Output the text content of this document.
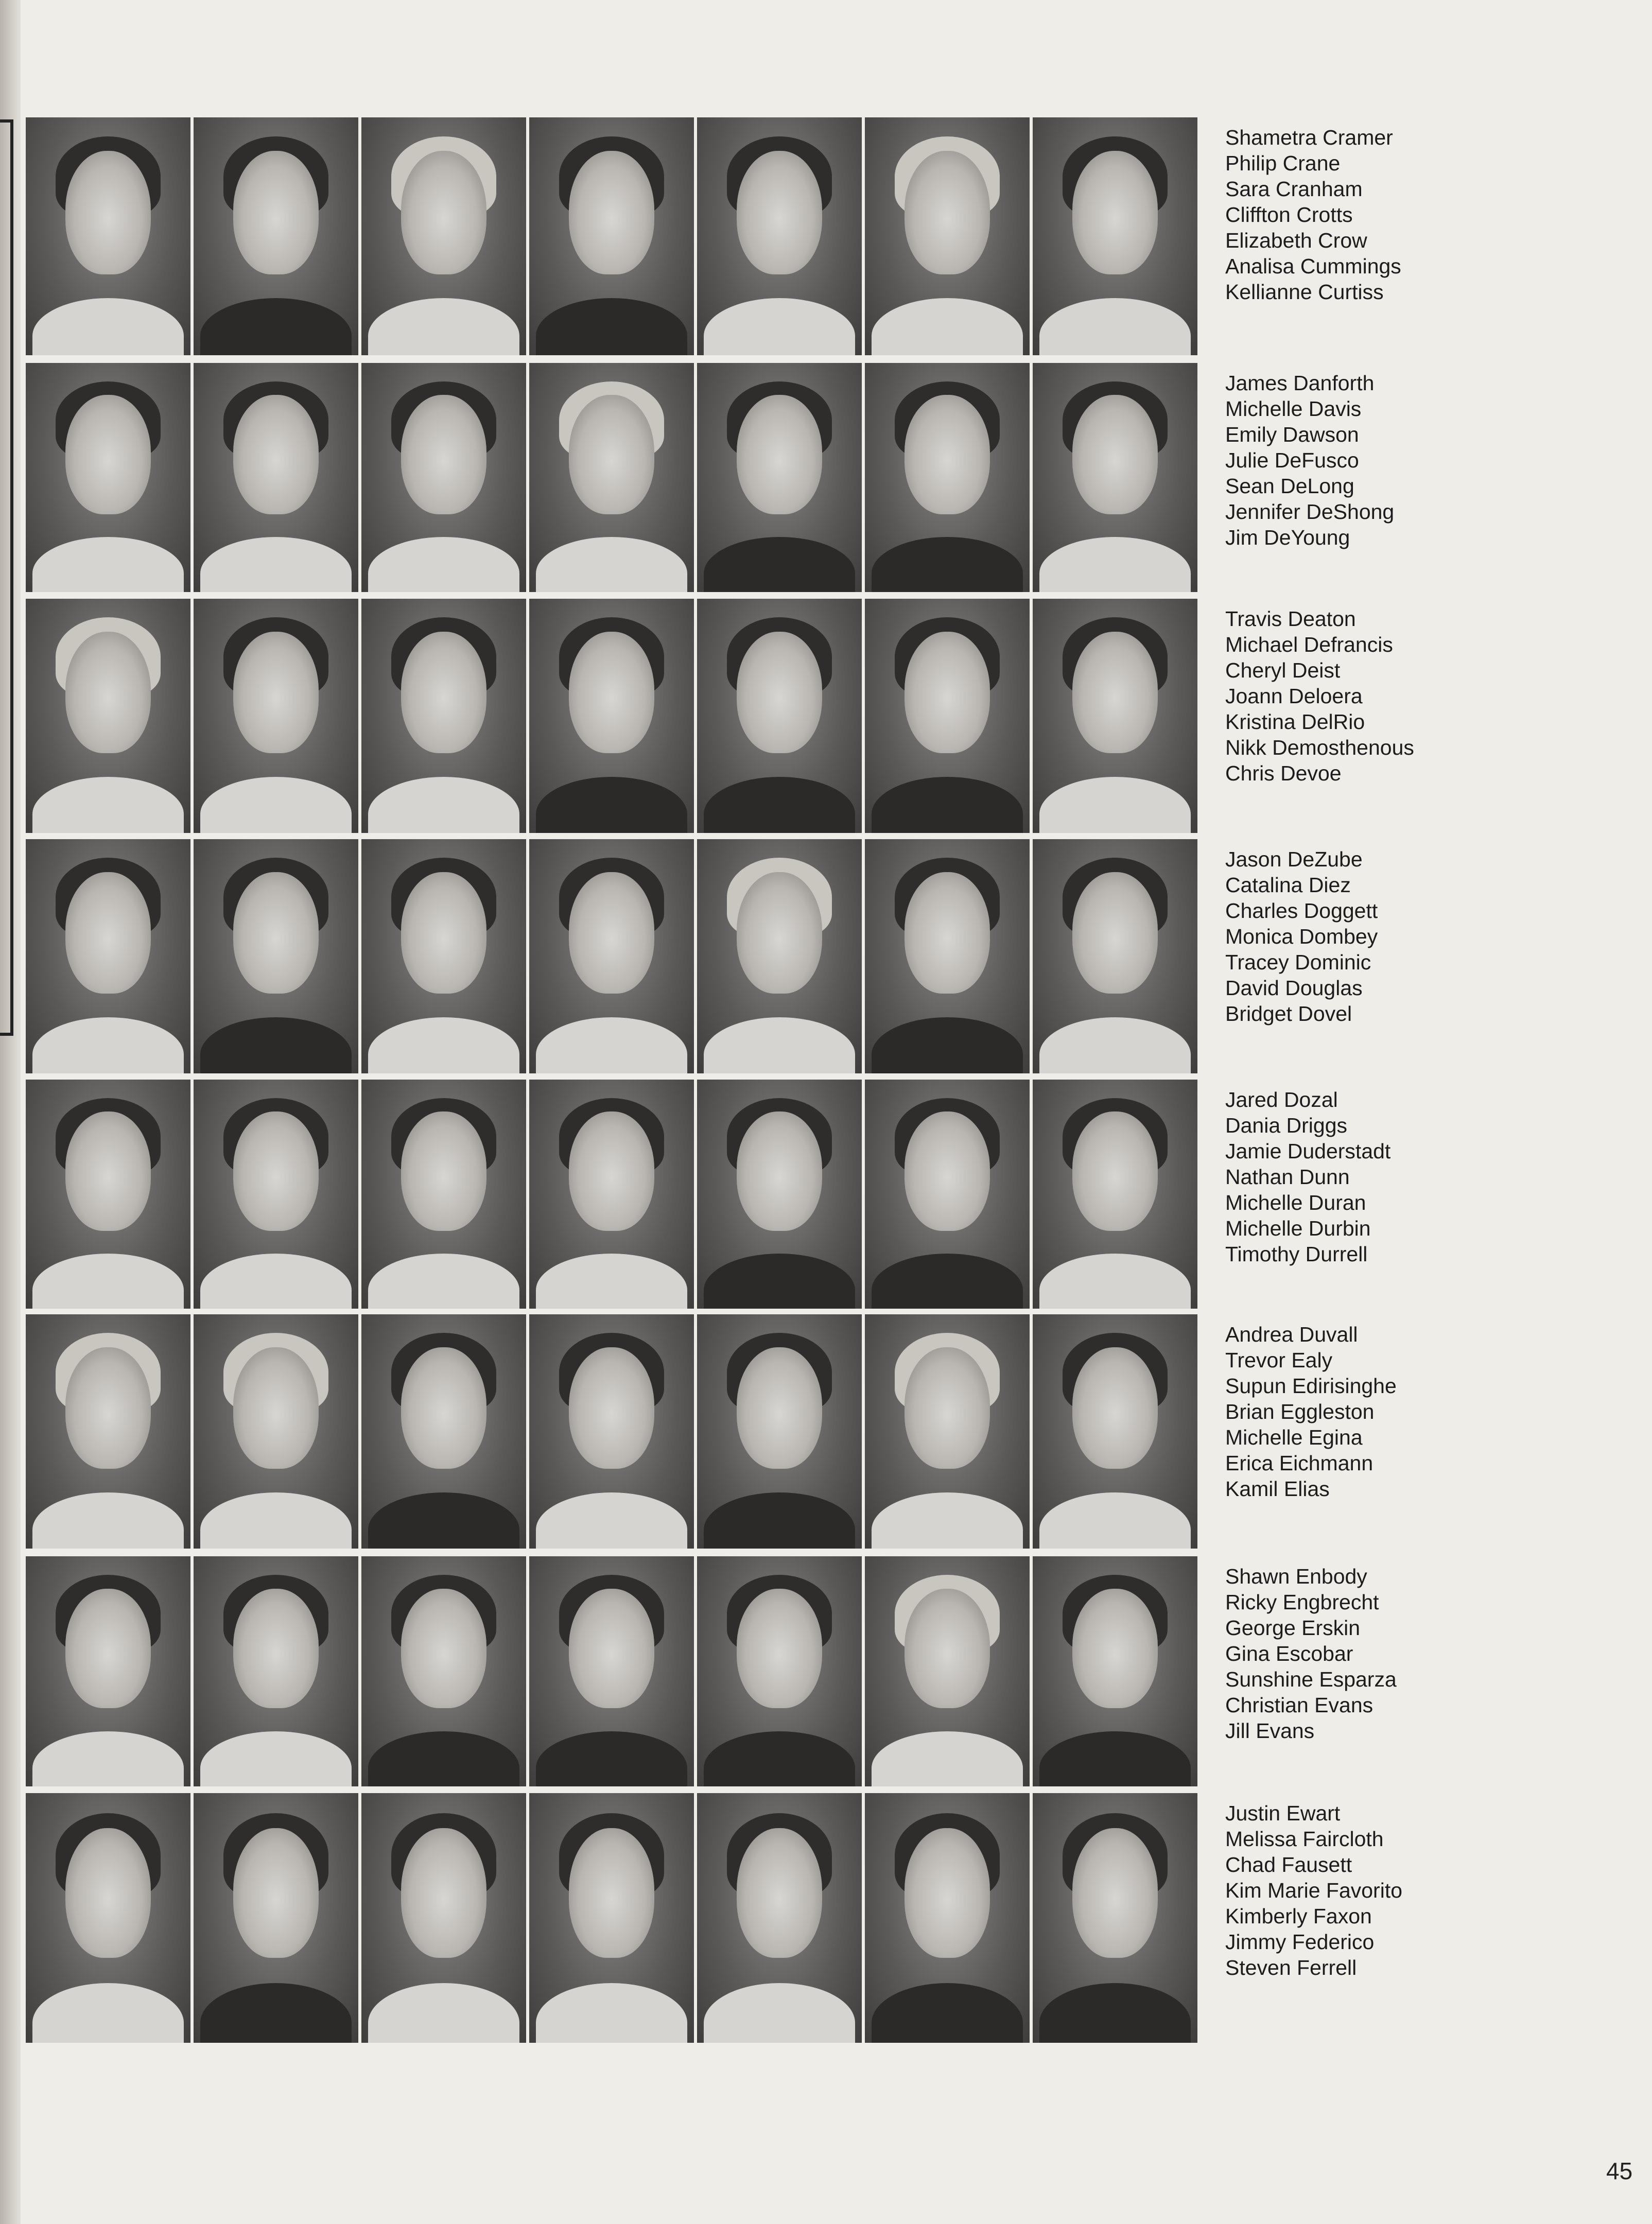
Shametra Cramer
Philip Crane
Sara Cranham
Cliffton Crotts
Elizabeth Crow
Analisa Cummings
Kellianne Curtiss
James Danforth
Michelle Davis
Emily Dawson
Julie DeFusco
Sean DeLong
Jennifer DeShong
Jim DeYoung
Travis Deaton
Michael Defrancis
Cheryl Deist
Joann Deloera
Kristina DelRio
Nikk Demosthenous
Chris Devoe
Jason DeZube
Catalina Diez
Charles Doggett
Monica Dombey
Tracey Dominic
David Douglas
Bridget Dovel
Jared Dozal
Dania Driggs
Jamie Duderstadt
Nathan Dunn
Michelle Duran
Michelle Durbin
Timothy Durrell
Andrea Duvall
Trevor Ealy
Supun Edirisinghe
Brian Eggleston
Michelle Egina
Erica Eichmann
Kamil Elias
Shawn Enbody
Ricky Engbrecht
George Erskin
Gina Escobar
Sunshine Esparza
Christian Evans
Jill Evans
Justin Ewart
Melissa Faircloth
Chad Fausett
Kim Marie Favorito
Kimberly Faxon
Jimmy Federico
Steven Ferrell
45
